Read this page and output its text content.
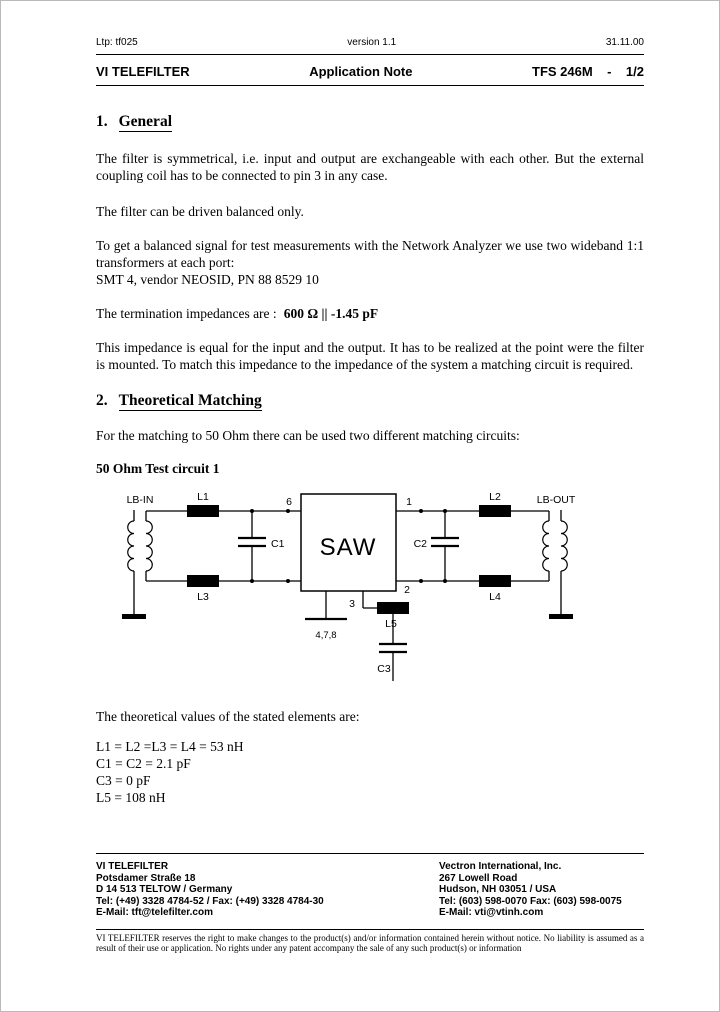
Ltp: tf025	version 1.1	31.11.00
VI TELEFILTER	Application Note	TFS 246M    -    1/2
1. General

The filter is symmetrical, i.e. input and output are exchangeable with each other. But the external coupling coil has to be connected to pin 3 in any case.

The filter can be driven balanced only.

To get a balanced signal for test measurements with the Network Analyzer we use two wideband 1:1 transformers at each port:
SMT 4, vendor NEOSID, PN 88 8529 10

The termination impedances are : 600 Ω || -1.45 pF

This impedance is equal for the input and the output. It has to be realized at the point were the filter is mounted. To match this impedance to the impedance of the system a matching circuit is required.

2. Theoretical Matching

For the matching to 50 Ohm there can be used two different matching circuits:

50 Ohm Test circuit 1
SAW
LB-IN	LB-OUT
L1	L2
L3	L4
L5
C1	C2
C3
6	1
2
3
4,7,8
The theoretical values of the stated elements are:
L1 = L2 =L3 = L4 = 53 nH
C1 = C2 = 2.1 pF
C3 = 0 pF
L5 = 108 nH
VI TELEFILTER
Potsdamer Straße 18
D 14 513 TELTOW / Germany
Tel: (+49) 3328 4784-52 / Fax: (+49) 3328 4784-30
E-Mail: tft@telefilter.com
Vectron International, Inc.
267 Lowell Road
Hudson, NH 03051 / USA
Tel: (603) 598-0070 Fax: (603) 598-0075
E-Mail: vti@vtinh.com
VI TELEFILTER reserves the right to make changes to the product(s) and/or information contained herein without notice. No liability is assumed as a result of their use or application. No rights under any patent accompany the sale of any such product(s) or information
